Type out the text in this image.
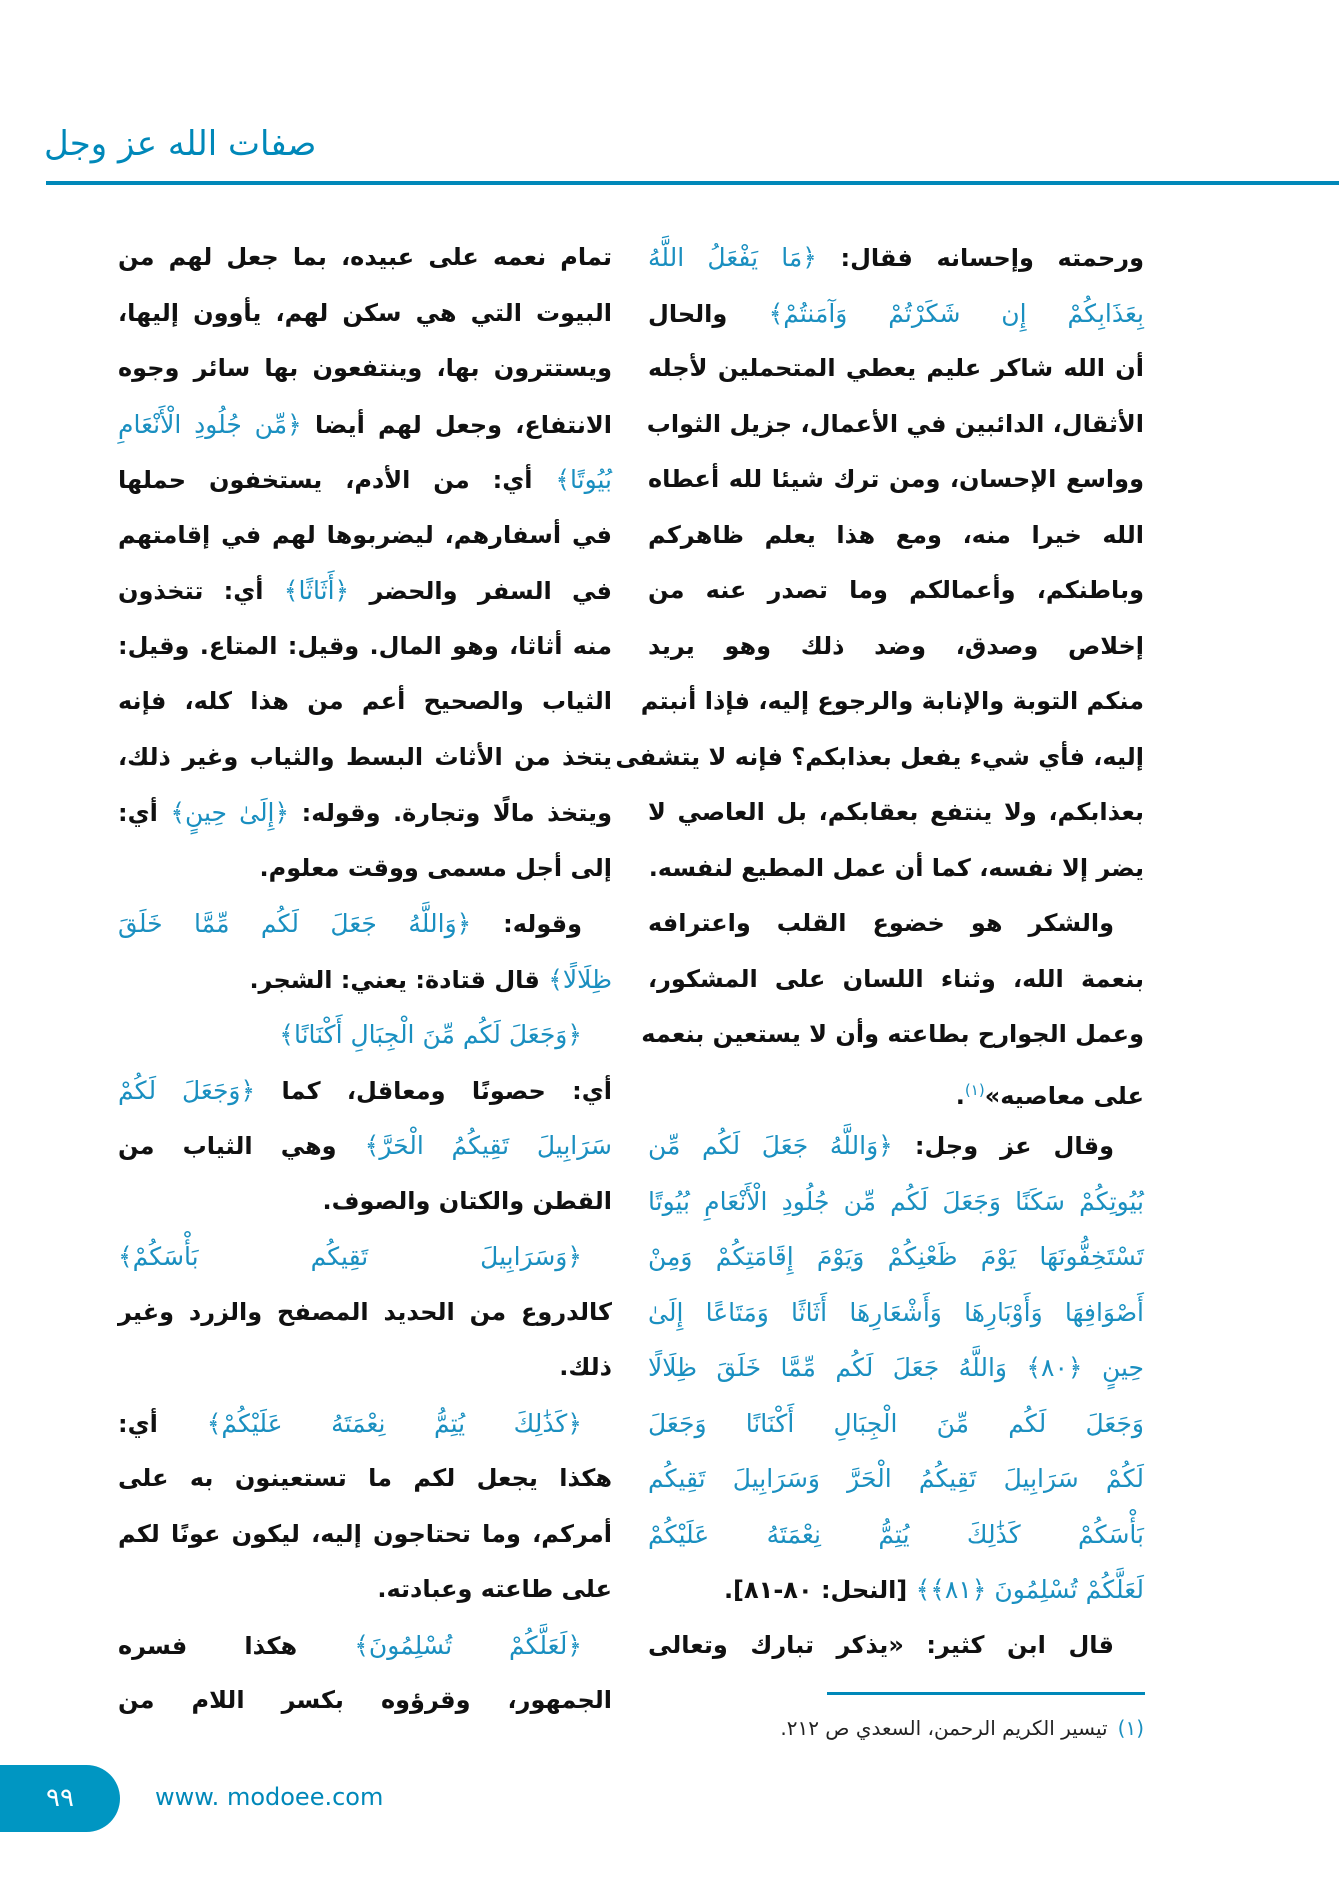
صفات الله عز وجل
ورحمته وإحسانه فقال: ﴿مَا يَفْعَلُ اللَّهُ
بِعَذَابِكُمْ إِن شَكَرْتُمْ وَآمَنتُمْ﴾ والحال
أن الله شاكر عليم يعطي المتحملين لأجله
الأثقال، الدائبين في الأعمال، جزيل الثواب
وواسع الإحسان، ومن ترك شيئا لله أعطاه
الله خيرا منه، ومع هذا يعلم ظاهركم
وباطنكم، وأعمالكم وما تصدر عنه من
إخلاص وصدق، وضد ذلك وهو يريد
منكم التوبة والإنابة والرجوع إليه، فإذا أنبتم
إليه، فأي شيء يفعل بعذابكم؟ فإنه لا يتشفى
بعذابكم، ولا ينتفع بعقابكم، بل العاصي لا
يضر إلا نفسه، كما أن عمل المطيع لنفسه.
والشكر هو خضوع القلب واعترافه
بنعمة الله، وثناء اللسان على المشكور،
وعمل الجوارح بطاعته وأن لا يستعين بنعمه
على معاصيه»$^{(١)}$.
وقال عز وجل: ﴿وَاللَّهُ جَعَلَ لَكُم مِّن
بُيُوتِكُمْ سَكَنًا وَجَعَلَ لَكُم مِّن جُلُودِ الْأَنْعَامِ بُيُوتًا
تَسْتَخِفُّونَهَا يَوْمَ ظَعْنِكُمْ وَيَوْمَ إِقَامَتِكُمْ وَمِنْ
أَصْوَافِهَا وَأَوْبَارِهَا وَأَشْعَارِهَا أَثَاثًا وَمَتَاعًا إِلَىٰ
حِينٍ ﴿٨٠﴾ وَاللَّهُ جَعَلَ لَكُم مِّمَّا خَلَقَ ظِلَالًا
وَجَعَلَ لَكُم مِّنَ الْجِبَالِ أَكْنَانًا وَجَعَلَ
لَكُمْ سَرَابِيلَ تَقِيكُمُ الْحَرَّ وَسَرَابِيلَ تَقِيكُم
بَأْسَكُمْ كَذَٰلِكَ يُتِمُّ نِعْمَتَهُ عَلَيْكُمْ
لَعَلَّكُمْ تُسْلِمُونَ ﴿٨١﴾﴾ [النحل: ٨٠-٨١].
قال ابن كثير: «يذكر تبارك وتعالى
تمام نعمه على عبيده، بما جعل لهم من
البيوت التي هي سكن لهم، يأوون إليها،
ويستترون بها، وينتفعون بها سائر وجوه
الانتفاع، وجعل لهم أيضا ﴿مِّن جُلُودِ الْأَنْعَامِ
بُيُوتًا﴾ أي: من الأدم، يستخفون حملها
في أسفارهم، ليضربوها لهم في إقامتهم
في السفر والحضر ﴿أَثَاثًا﴾ أي: تتخذون
منه أثاثا، وهو المال. وقيل: المتاع. وقيل:
الثياب والصحيح أعم من هذا كله، فإنه
يتخذ من الأثاث البسط والثياب وغير ذلك،
ويتخذ مالًا وتجارة. وقوله: ﴿إِلَىٰ حِينٍ﴾ أي:
إلى أجل مسمى ووقت معلوم.
وقوله: ﴿وَاللَّهُ جَعَلَ لَكُم مِّمَّا خَلَقَ
ظِلَالًا﴾ قال قتادة: يعني: الشجر.
﴿وَجَعَلَ لَكُم مِّنَ الْجِبَالِ أَكْنَانًا﴾
أي: حصونًا ومعاقل، كما ﴿وَجَعَلَ لَكُمْ
سَرَابِيلَ تَقِيكُمُ الْحَرَّ﴾ وهي الثياب من
القطن والكتان والصوف.
﴿وَسَرَابِيلَ تَقِيكُم بَأْسَكُمْ﴾
كالدروع من الحديد المصفح والزرد وغير
ذلك.
﴿كَذَٰلِكَ يُتِمُّ نِعْمَتَهُ عَلَيْكُمْ﴾ أي:
هكذا يجعل لكم ما تستعينون به على
أمركم، وما تحتاجون إليه، ليكون عونًا لكم
على طاعته وعبادته.
﴿لَعَلَّكُمْ تُسْلِمُونَ﴾ هكذا فسره
الجمهور، وقرؤوه بكسر اللام من
(١)تيسير الكريم الرحمن، السعدي ص ٢١٢.
٩٩	www. modoee.com
